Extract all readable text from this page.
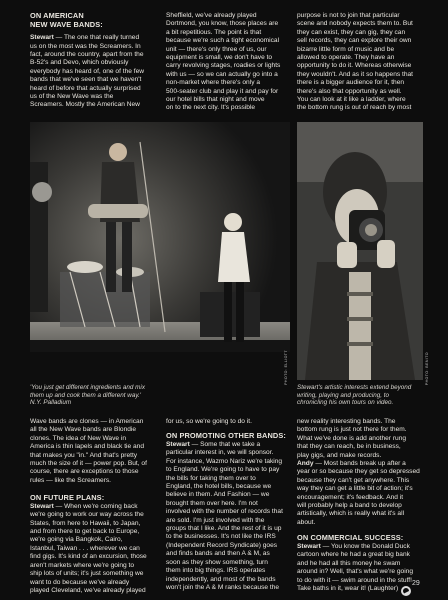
ON AMERICAN
NEW WAVE BANDS:

Stewart — The one that really turned

us on the most was the Screamers. In

fact, around the country, apart from the

B-52's and Devo, which obviously

everybody has heard of, one of the few

bands that we've seen that we haven't

heard of before that actually surprised

us of the New Wave was the

Screamers. Mostly the American New

Sheffield, we've already played

Dortmond, you know, those places are

a bit repetitious. The point is that

because we're such a tight economical

unit — there's only three of us, our

equipment is small, we don't have to

carry revolving stages, roadies or lights

with us — so we can actually go into a

non-market where there's only a

500-seater club and play it and pay for

our hotel bills that night and move

on to the next city. It's possible

purpose is not to join that particular

scene and nobody expects them to. But

they can exist, they can gig, they can

sell records, they can explore their own

bizarre little form of music and be

allowed to operate. They have an

opportunity to do it. Whereas otherwise

they wouldn't. And as it so happens that

there is a bigger audience for it, then

there's also that opportunity as well.

You can look at it like a ladder, where

the bottom rung is out of reach by most

PHOTO: ELLIOTT	PHOTO: BENITO
'You just get different ingredients and mix
them up and cook them a different way.'
N.Y. Palladium
Stewart's artistic interests extend beyond
writing, playing and producing, to
chronicling his own tours on video.

Wave bands are clones — in American

all the New Wave bands are Blondie

clones. The idea of New Wave in

America is thin lapels and black tie and

that makes you "in." And that's pretty

much the size of it — power pop. But, of

course, there are exceptions to those

rules — like the Screamers.

ON FUTURE PLANS:

Stewart — When we're coming back

we're going to work our way across the

States, from here to Hawaii, to Japan,

and from there to get back to Europe,

we're going via Bangkok, Cairo,

Istanbul, Taiwan . . . wherever we can

find gigs. It's kind of an excursion, those

aren't markets where we're going to

ship lots of units; it's just something we

want to do because we've already

played Cleveland, we've already played

for us, so we're going to do it.

ON PROMOTING OTHER BANDS:

Stewart — Some that we take a

particular interest in, we will sponsor.

For instance, Wazmo Nariz we're taking

to England. We're going to have to pay

the bills for taking them over to

England, the hotel bills, because we

believe in them. And Fashion — we

brought them over here. I'm not

involved with the number of records that

are sold. I'm just involved with the

groups that I like. And the rest of it is up

to the businesses. It's not like the IRS

(Independent Record Syndicate) goes

and finds bands and then A & M, as

soon as they show something, turn

them into big things. IRS operates

independently, and most of the bands

won't join the A & M ranks because the

new reality interesting bands. The

bottom rung is just not there for them.

What we've done is add another rung

that they can reach, be in business,

play gigs, and make records.

Andy — Most bands break up after a

year or so because they get so depressed

because they can't get anywhere. This

way they can get a little bit of action; it's

encouragement; it's feedback. And it

will probably help a band to develop

artistically, which is really what it's all

about.

ON COMMERCIAL SUCCESS:

Stewart — You know the Donald Duck

cartoon where he had a great big bank

and he had all this money he swam

around in? Well, that's what we're going

to do with it — swim around in the stuff!

Take baths in it, wear it! (Laughter)

29
